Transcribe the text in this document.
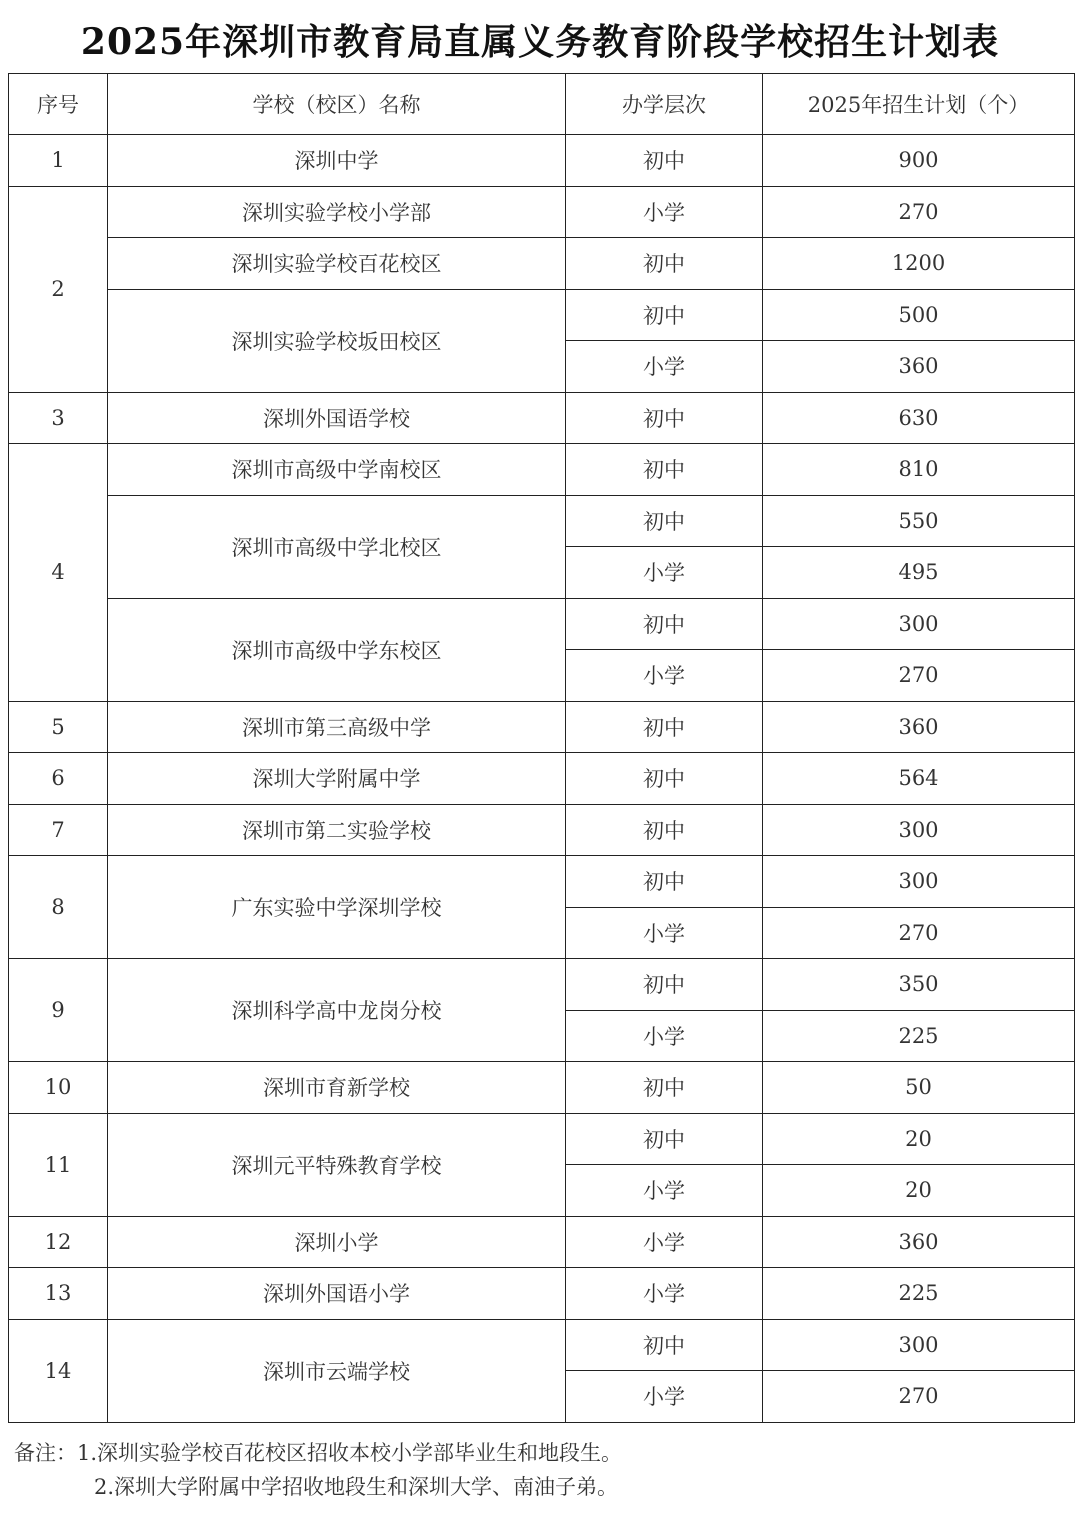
2025年深圳市教育局直属义务教育阶段学校招生计划表
序号	学校（校区）名称	办学层次	2025年招生计划（个）
1	深圳中学	初中	900
2	深圳实验学校小学部	小学	270
	深圳实验学校百花校区	初中	1200
	深圳实验学校坂田校区	初中	500
		小学	360
3	深圳外国语学校	初中	630
4	深圳市高级中学南校区	初中	810
	深圳市高级中学北校区	初中	550
		小学	495
	深圳市高级中学东校区	初中	300
		小学	270
5	深圳市第三高级中学	初中	360
6	深圳大学附属中学	初中	564
7	深圳市第二实验学校	初中	300
8	广东实验中学深圳学校	初中	300
		小学	270
9	深圳科学高中龙岗分校	初中	350
		小学	225
10	深圳市育新学校	初中	50
11	深圳元平特殊教育学校	初中	20
		小学	20
12	深圳小学	小学	360
13	深圳外国语小学	小学	225
14	深圳市云端学校	初中	300
		小学	270
备注：1.深圳实验学校百花校区招收本校小学部毕业生和地段生。
2.深圳大学附属中学招收地段生和深圳大学、南油子弟。
